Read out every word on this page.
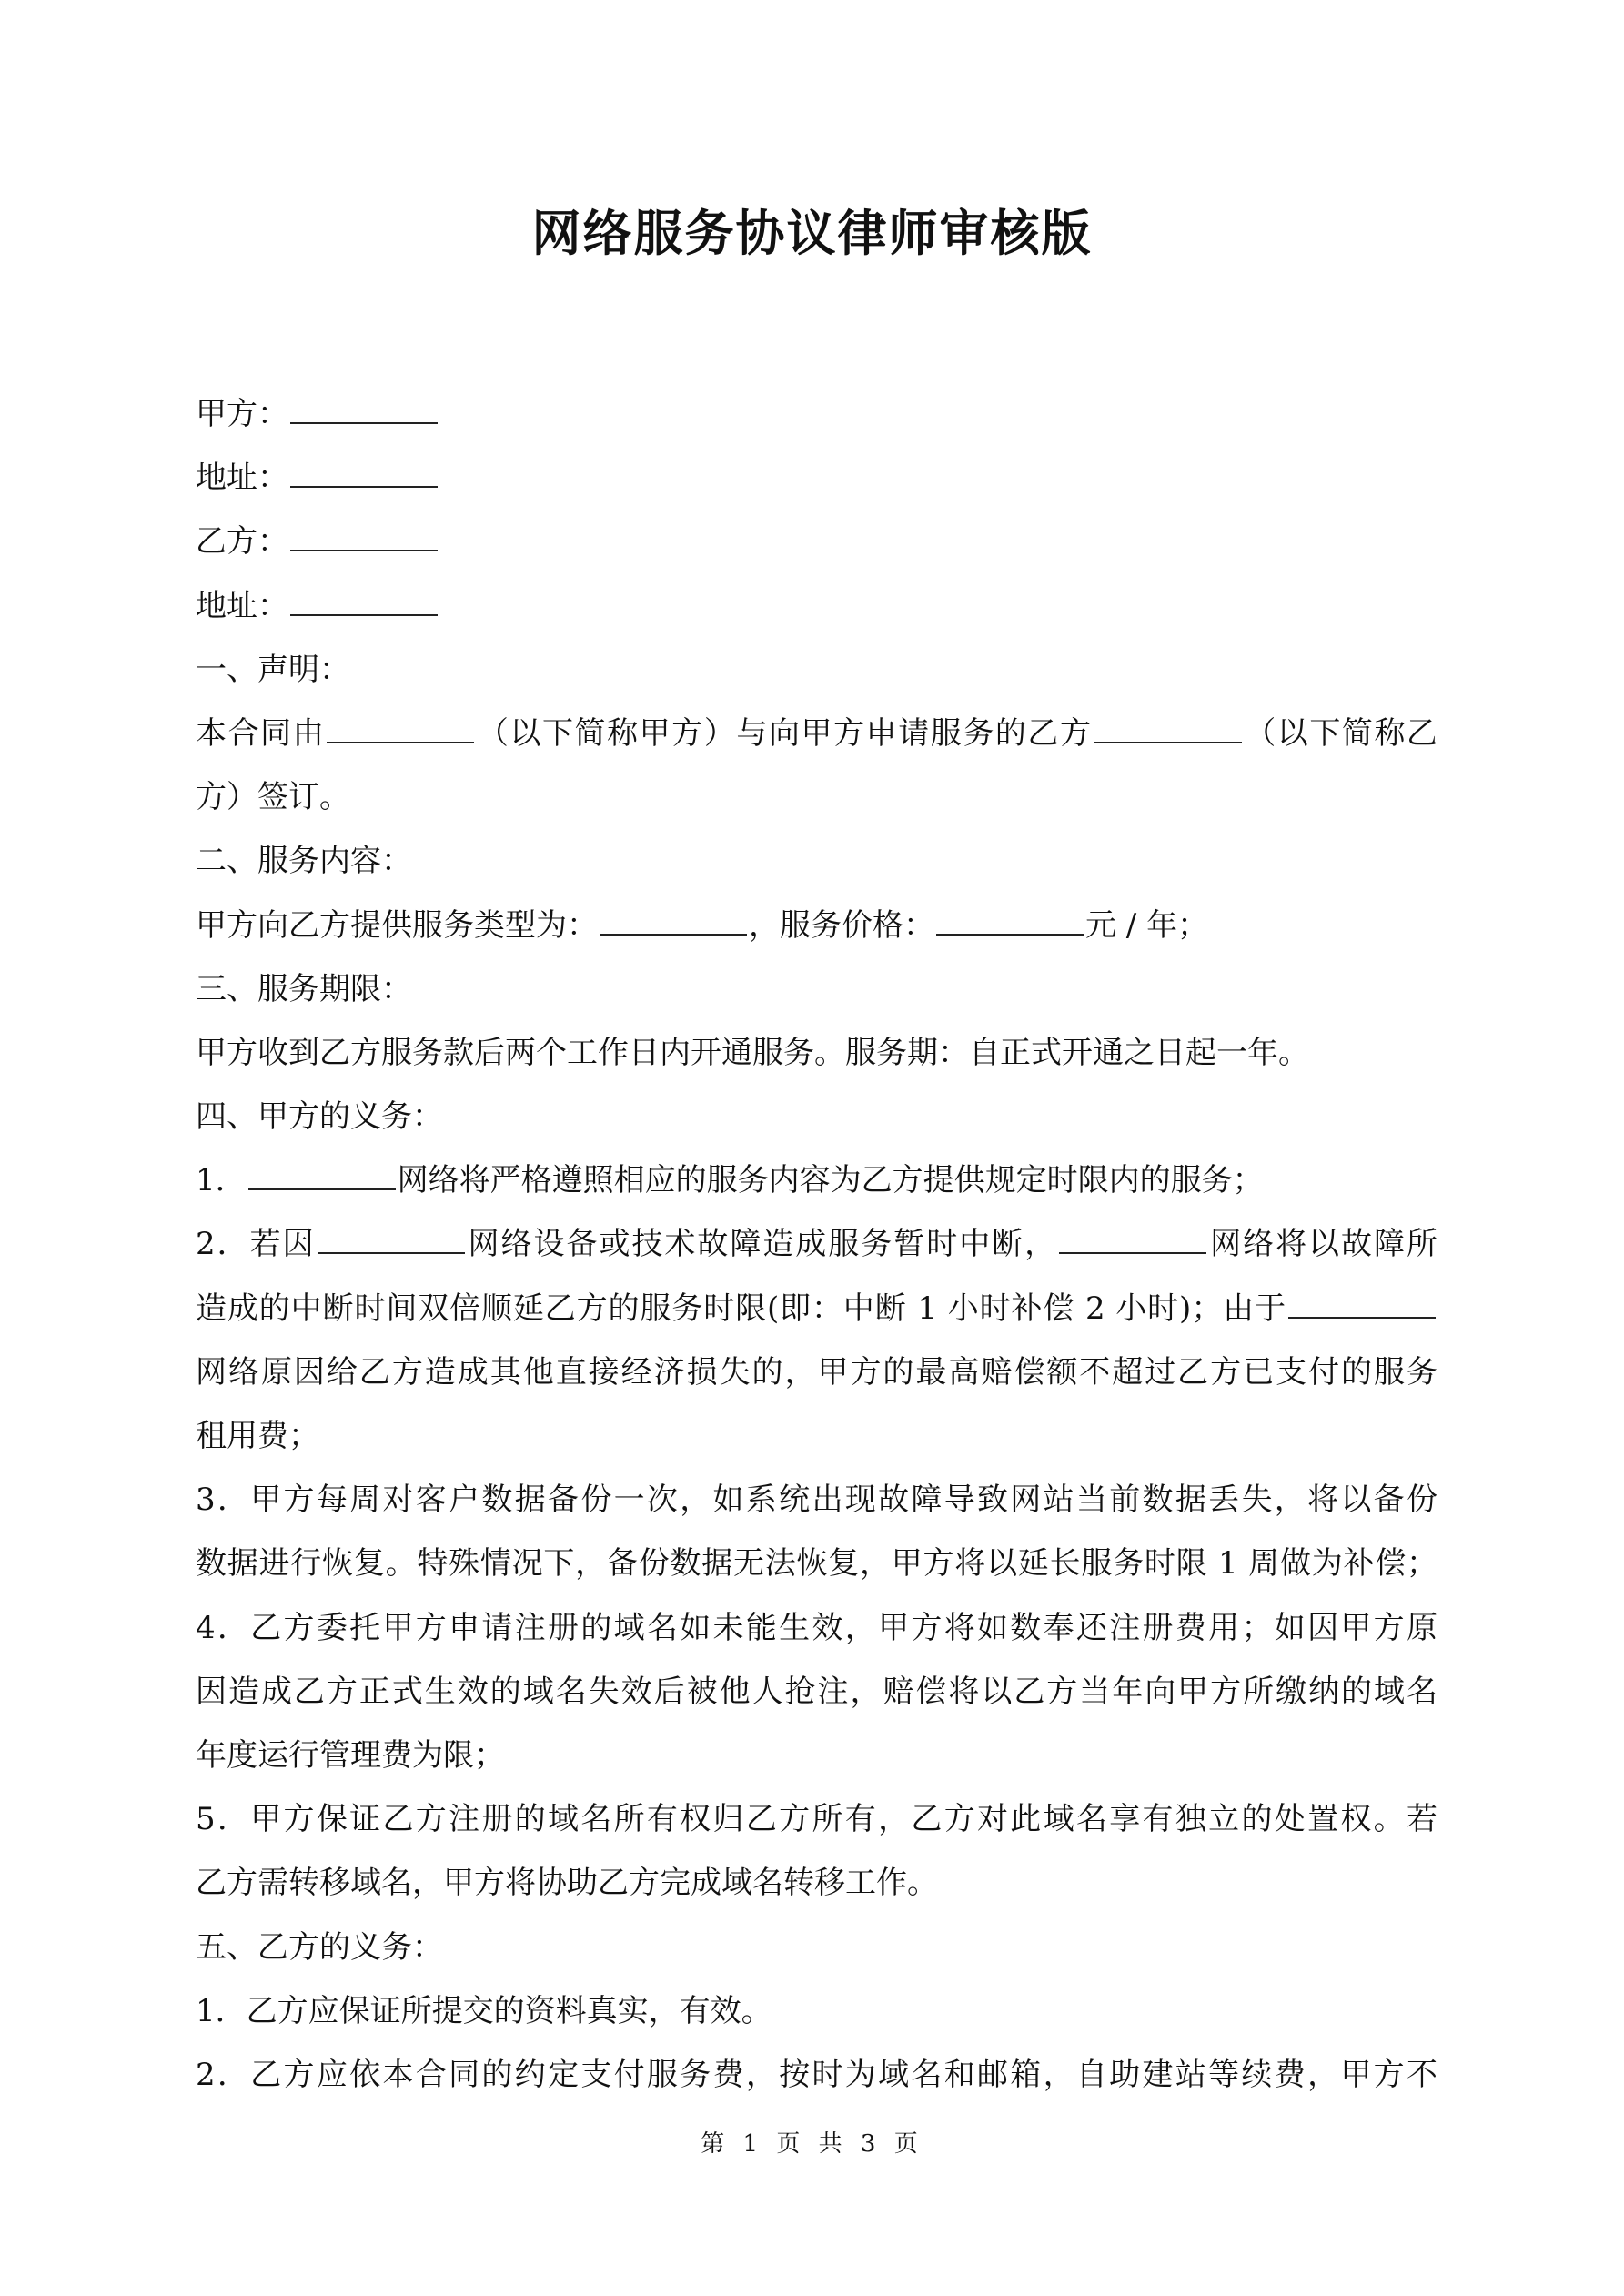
网络服务协议律师审核版
甲方：
地址：
乙方：
地址：
一、声明：
本合同由	（以下简称甲方）与向甲方申请服务的乙方	（以下简称乙
方）签订。
二、服务内容：
甲方向乙方提供服务类型为：	，服务价格：	元 / 年；
三、服务期限：
甲方收到乙方服务款后两个工作日内开通服务。服务期：自正式开通之日起一年。
四、甲方的义务：
1．	网络将严格遵照相应的服务内容为乙方提供规定时限内的服务；
2．若因	网络设备或技术故障造成服务暂时中断，	网络将以故障所
造成的中断时间双倍顺延乙方的服务时限(即：中断 1 小时补偿 2 小时)；由于
网络原因给乙方造成其他直接经济损失的，甲方的最高赔偿额不超过乙方已支付的服务
租用费；
3．甲方每周对客户数据备份一次，如系统出现故障导致网站当前数据丢失，将以备份
数据进行恢复。特殊情况下，备份数据无法恢复，甲方将以延长服务时限 1 周做为补偿；
4．乙方委托甲方申请注册的域名如未能生效，甲方将如数奉还注册费用；如因甲方原
因造成乙方正式生效的域名失效后被他人抢注，赔偿将以乙方当年向甲方所缴纳的域名
年度运行管理费为限；
5．甲方保证乙方注册的域名所有权归乙方所有，乙方对此域名享有独立的处置权。若
乙方需转移域名，甲方将协助乙方完成域名转移工作。
五、乙方的义务：
1．乙方应保证所提交的资料真实，有效。
2．乙方应依本合同的约定支付服务费，按时为域名和邮箱，自助建站等续费，甲方不
第 1 页 共 3 页
